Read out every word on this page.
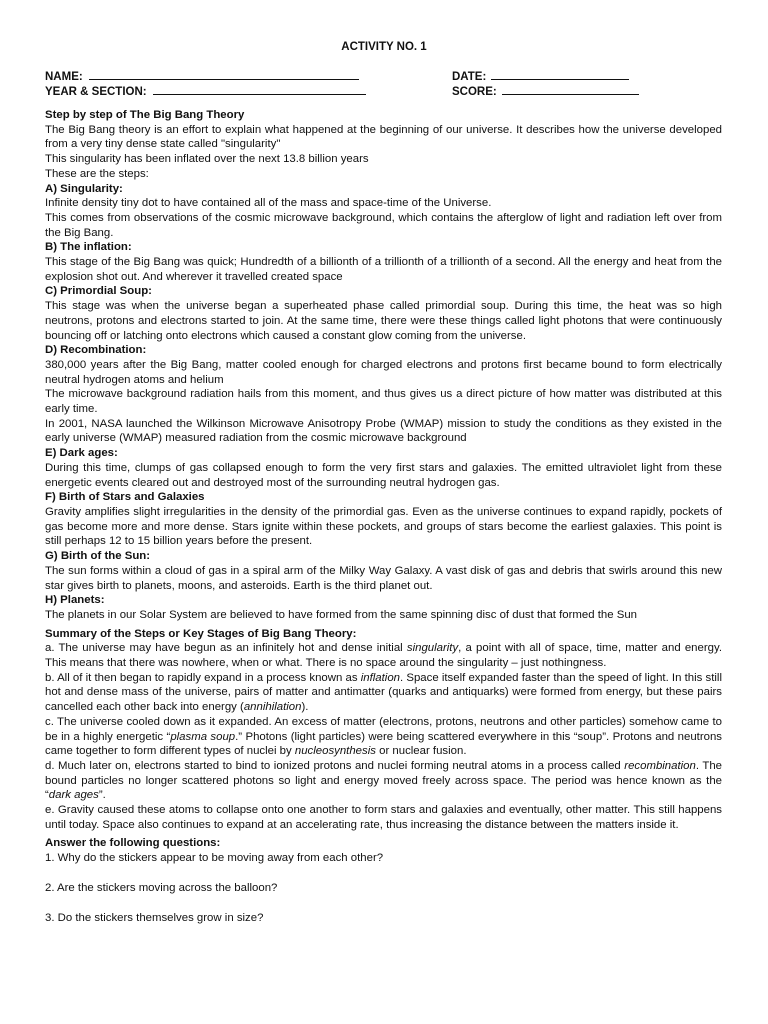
ACTIVITY NO. 1
NAME:
YEAR & SECTION:
DATE:
SCORE:

Step by step of The Big Bang Theory

The Big Bang theory is an effort to explain what happened at the beginning of our universe. It describes how the universe developed from a very tiny dense state called "singularity"

This singularity has been inflated over the next 13.8 billion years

These are the steps:

A) Singularity:

Infinite density tiny dot to have contained all of the mass and space-time of the Universe.

This comes from observations of the cosmic microwave background, which contains the afterglow of light and radiation left over from the Big Bang.

B) The inflation:

This stage of the Big Bang was quick; Hundredth of a billionth of a trillionth of a trillionth of a second. All the energy and heat from the explosion shot out. And wherever it travelled created space

C) Primordial Soup:

This stage was when the universe began a superheated phase called primordial soup. During this time, the heat was so high neutrons, protons and electrons started to join. At the same time, there were these things called light photons that were continuously bouncing off or latching onto electrons which caused a constant glow coming from the universe.

D) Recombination:

380,000 years after the Big Bang, matter cooled enough for charged electrons and protons first became bound to form electrically neutral hydrogen atoms and helium

The microwave background radiation hails from this moment, and thus gives us a direct picture of how matter was distributed at this early time.

In 2001, NASA launched the Wilkinson Microwave Anisotropy Probe (WMAP) mission to study the conditions as they existed in the early universe (WMAP) measured radiation from the cosmic microwave background

E) Dark ages:

During this time, clumps of gas collapsed enough to form the very first stars and galaxies. The emitted ultraviolet light from these energetic events cleared out and destroyed most of the surrounding neutral hydrogen gas.

F) Birth of Stars and Galaxies

Gravity amplifies slight irregularities in the density of the primordial gas. Even as the universe continues to expand rapidly, pockets of gas become more and more dense. Stars ignite within these pockets, and groups of stars become the earliest galaxies. This point is still perhaps 12 to 15 billion years before the present.

G) Birth of the Sun:

The sun forms within a cloud of gas in a spiral arm of the Milky Way Galaxy. A vast disk of gas and debris that swirls around this new star gives birth to planets, moons, and asteroids. Earth is the third planet out.

H) Planets:

The planets in our Solar System are believed to have formed from the same spinning disc of dust that formed the Sun

Summary of the Steps or Key Stages of Big Bang Theory:

a. The universe may have begun as an infinitely hot and dense initial singularity, a point with all of space, time, matter and energy. This means that there was nowhere, when or what. There is no space around the singularity – just nothingness.

b. All of it then began to rapidly expand in a process known as inflation. Space itself expanded faster than the speed of light. In this still hot and dense mass of the universe, pairs of matter and antimatter (quarks and antiquarks) were formed from energy, but these pairs cancelled each other back into energy (annihilation).

c. The universe cooled down as it expanded. An excess of matter (electrons, protons, neutrons and other particles) somehow came to be in a highly energetic “plasma soup.” Photons (light particles) were being scattered everywhere in this “soup”. Protons and neutrons came together to form different types of nuclei by nucleosynthesis or nuclear fusion.

d. Much later on, electrons started to bind to ionized protons and nuclei forming neutral atoms in a process called recombination. The bound particles no longer scattered photons so light and energy moved freely across space. The period was hence known as the “dark ages”.

e. Gravity caused these atoms to collapse onto one another to form stars and galaxies and eventually, other matter. This still happens until today. Space also continues to expand at an accelerating rate, thus increasing the distance between the matters inside it.

Answer the following questions:

1. Why do the stickers appear to be moving away from each other?

2. Are the stickers moving across the balloon?

3. Do the stickers themselves grow in size?
